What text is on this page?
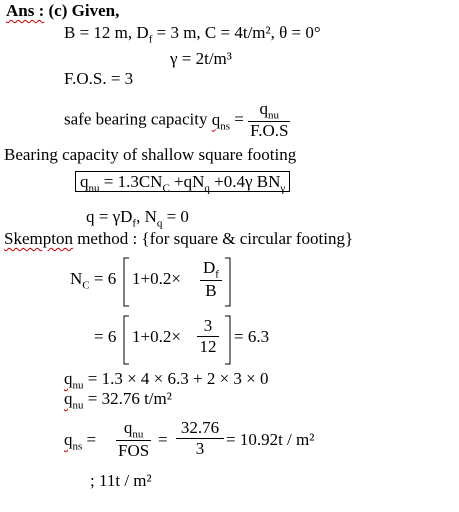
Ans : (c) Given,
B = 12 m, $D_f = 3$ m, C = 4t/m², θ = 0°
γ = 2t/m³
F.O.S. = 3
safe bearing capacity $q_{ns} = \frac{q_{nu}}{F.O.S}$
Bearing capacity of shallow square footing
$q_{nu} = 1.3CN_C +qN_q +0.4\gamma$ $BN_\gamma$
$q = \gamma D_f$, $N_q = 0$
Skempton method : {for square & circular footing}
$N_C = 6$ 1+0.2×
$D_f$
B
= 6 $1+0.2\times \frac{3}{12} = 6.3$
$q_{nu} = 1.3 \times 4 \times 6.3 + 2 \times 3 \times 0$
$q_{nu} = 32.76$ t/m²
$q_{ns}$ =
$q_{nu}$
FOS
=
32.76
3	= 10.92t / m²
; 11t / m²
